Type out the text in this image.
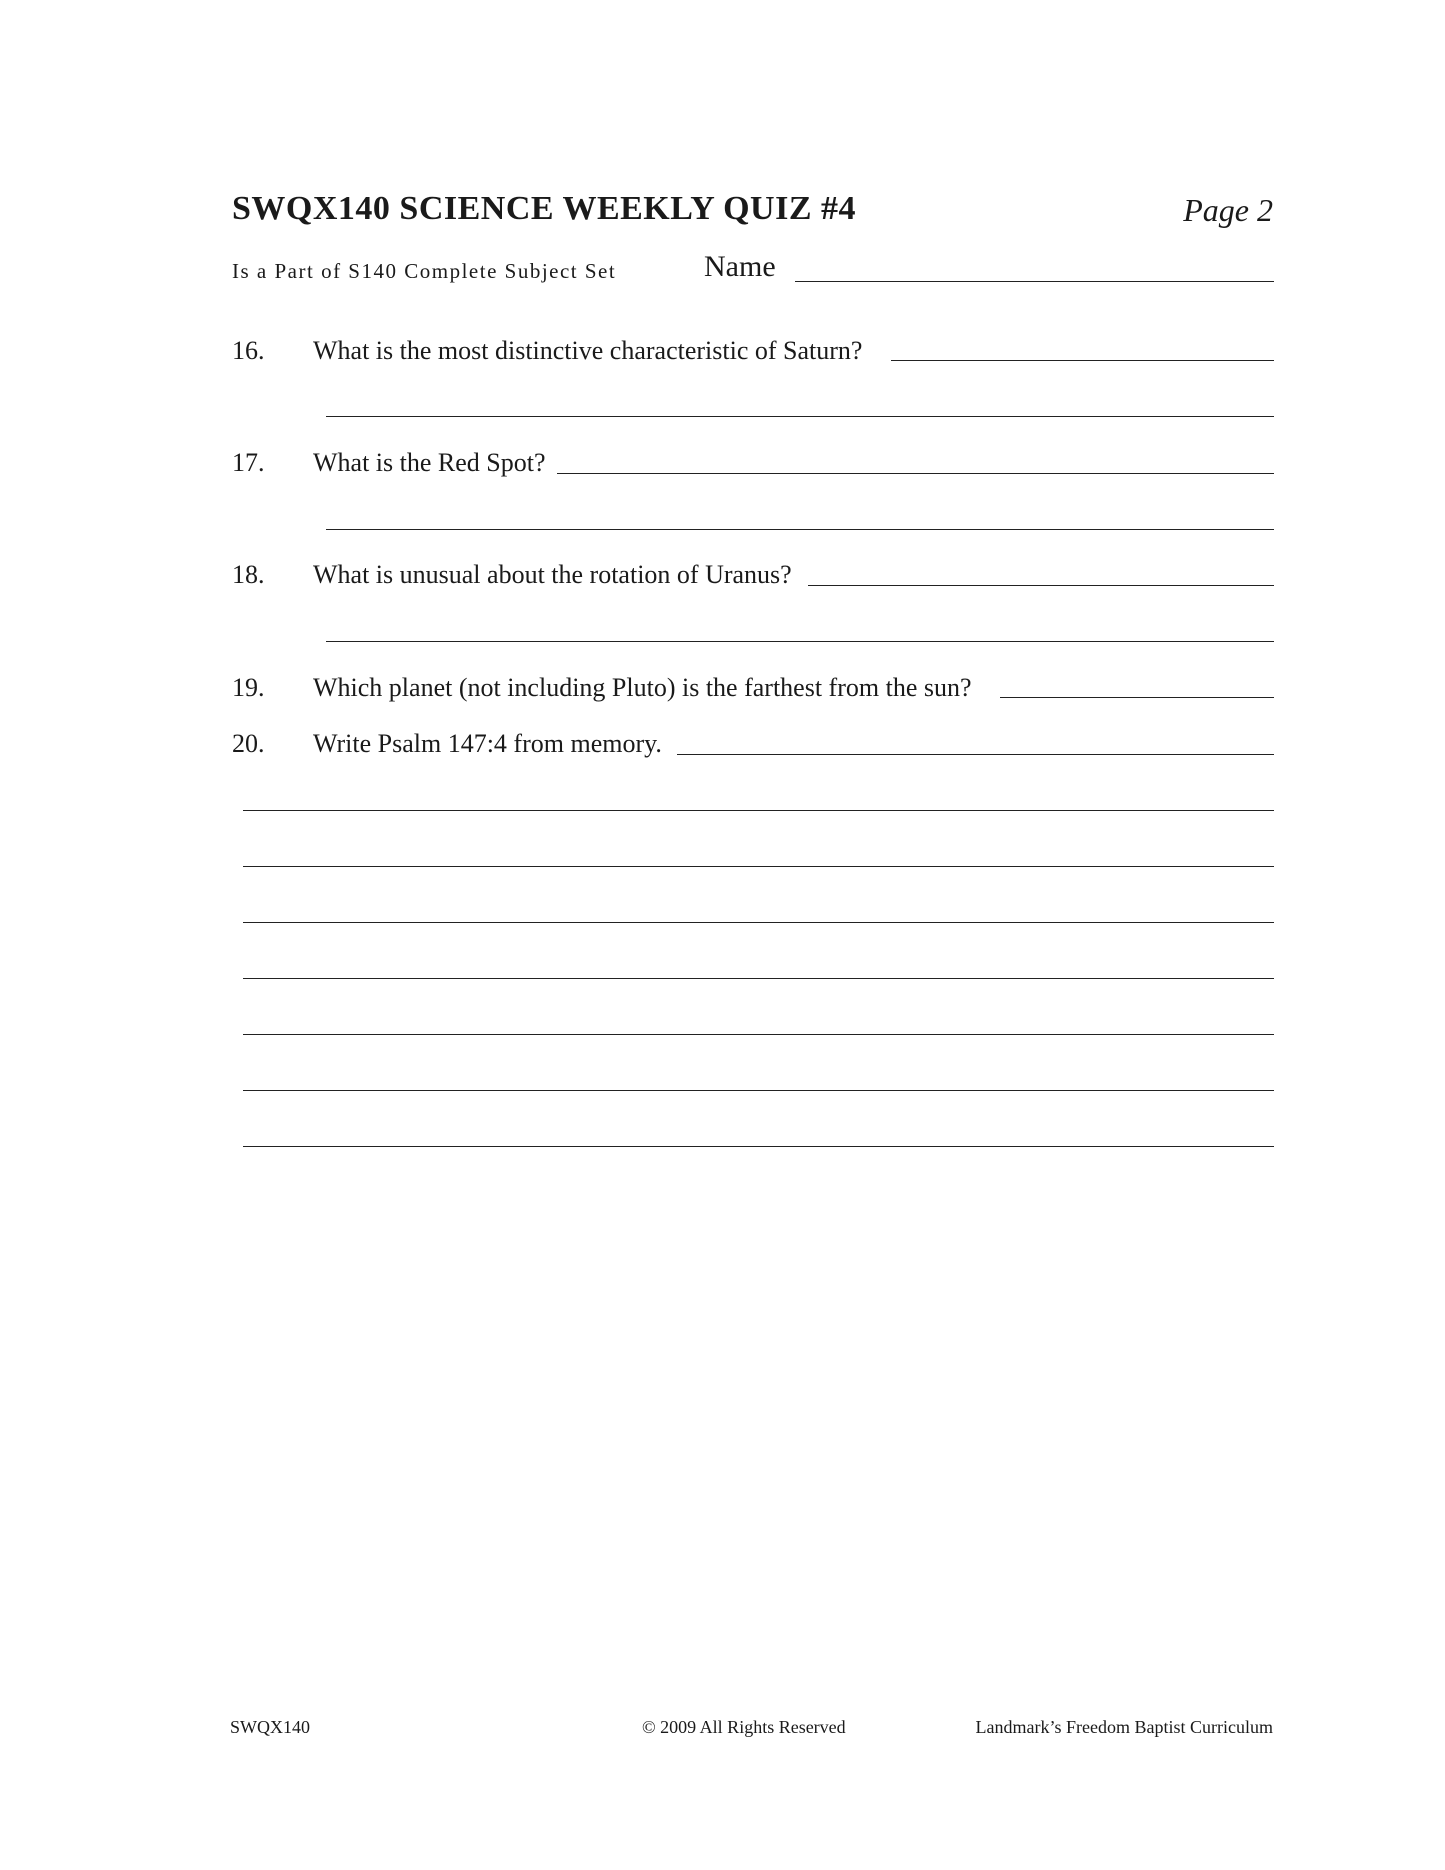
SWQX140 SCIENCE WEEKLY QUIZ #4	Page 2
Is a Part of S140 Complete Subject Set	Name
16. What is the most distinctive characteristic of Saturn?
17. What is the Red Spot?
18. What is unusual about the rotation of Uranus?
19. Which planet (not including Pluto) is the farthest from the sun?
20. Write Psalm 147:4 from memory.
SWQX140	© 2009 All Rights Reserved	Landmark’s Freedom Baptist Curriculum
